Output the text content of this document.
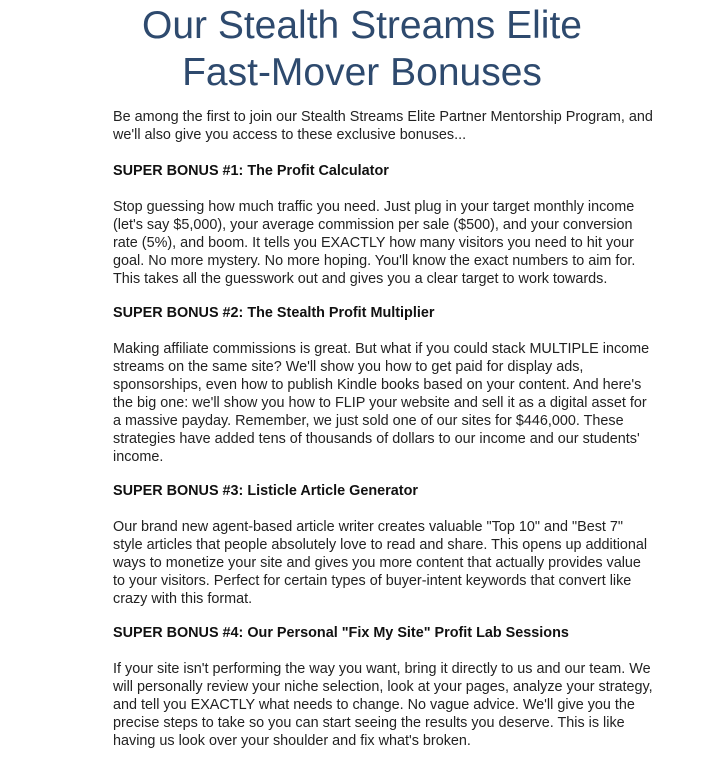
Our Stealth Streams Elite
Fast-Mover Bonuses

Be among the first to join our Stealth Streams Elite Partner Mentorship Program, and we'll also give you access to these exclusive bonuses...

SUPER BONUS #1: The Profit Calculator

Stop guessing how much traffic you need. Just plug in your target monthly income (let's say $5,000), your average commission per sale ($500), and your conversion rate (5%), and boom. It tells you EXACTLY how many visitors you need to hit your goal. No more mystery. No more hoping. You'll know the exact numbers to aim for. This takes all the guesswork out and gives you a clear target to work towards.

SUPER BONUS #2: The Stealth Profit Multiplier

Making affiliate commissions is great. But what if you could stack MULTIPLE income streams on the same site? We'll show you how to get paid for display ads, sponsorships, even how to publish Kindle books based on your content. And here's the big one: we'll show you how to FLIP your website and sell it as a digital asset for a massive payday. Remember, we just sold one of our sites for $446,000. These strategies have added tens of thousands of dollars to our income and our students' income.

SUPER BONUS #3: Listicle Article Generator

Our brand new agent-based article writer creates valuable "Top 10" and "Best 7" style articles that people absolutely love to read and share. This opens up additional ways to monetize your site and gives you more content that actually provides value to your visitors. Perfect for certain types of buyer-intent keywords that convert like crazy with this format.

SUPER BONUS #4: Our Personal "Fix My Site" Profit Lab Sessions

If your site isn't performing the way you want, bring it directly to us and our team. We will personally review your niche selection, look at your pages, analyze your strategy, and tell you EXACTLY what needs to change. No vague advice. We'll give you the precise steps to take so you can start seeing the results you deserve. This is like having us look over your shoulder and fix what's broken.
